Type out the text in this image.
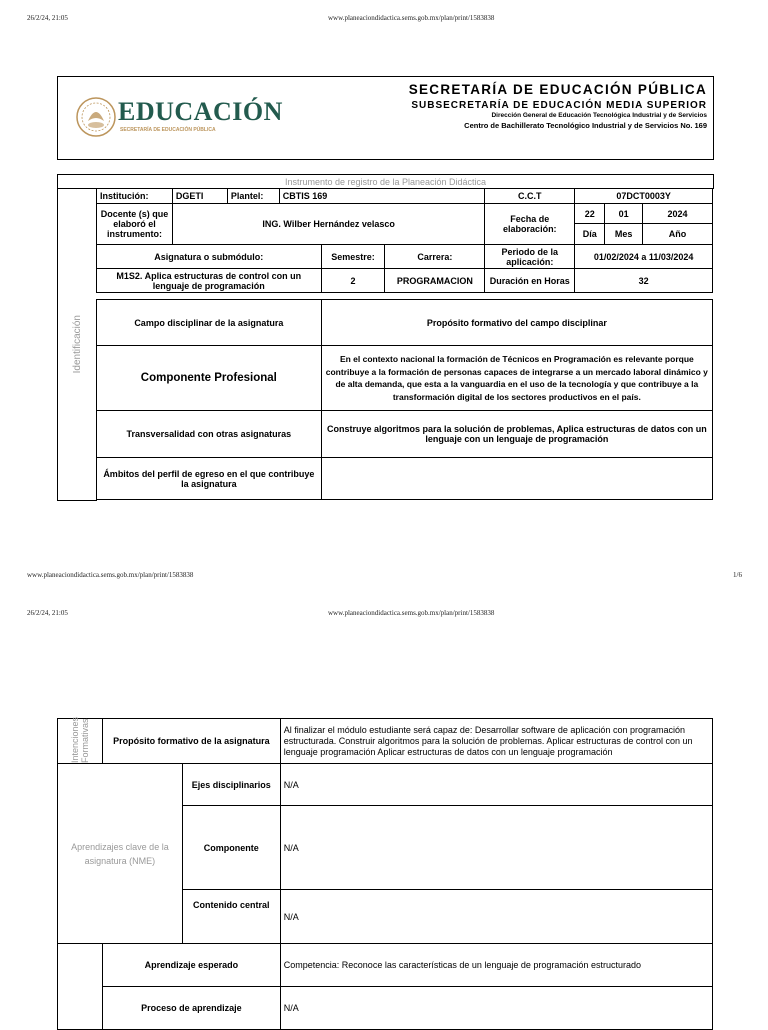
26/2/24, 21:05	www.planeaciondidactica.sems.gob.mx/plan/print/1583838
EDUCACIÓN
SECRETARÍA DE EDUCACIÓN PÚBLICA
SECRETARÍA DE EDUCACIÓN PÚBLICA
SUBSECRETARÍA DE EDUCACIÓN MEDIA SUPERIOR
Dirección General de Educación Tecnológica Industrial y de Servicios
Centro de Bachillerato Tecnológico Industrial y de Servicios No. 169
Instrumento de registro de la Planeación Didáctica
Identificación
Institución:	DGETI	Plantel:	CBTIS 169			C.C.T	07DCT0003Y		
Docente (s) que elaboró el instrumento:	ING. Wilber Hernández velasco					Fecha de elaboración:	22	01	2024
							Día	Mes	Año
Asignatura o submódulo:				Semestre:	Carrera:	Periodo de la aplicación:	01/02/2024 a 11/03/2024		
M1S2. Aplica estructuras de control con un lenguaje de programación				2	PROGRAMACION	Duración en Horas	32		
Campo disciplinar de la asignatura	Propósito formativo del campo disciplinar
Componente Profesional	En el contexto nacional la formación de Técnicos en Programación es relevante porque contribuye a la formación de personas capaces de integrarse a un mercado laboral dinámico y de alta demanda, que esta a la vanguardia en el uso de la tecnología y que contribuye a la transformación digital de los sectores productivos en el país.
Transversalidad con otras asignaturas	Construye algoritmos para la solución de problemas, Aplica estructuras de datos con un lenguaje con un lenguaje de programación
Ámbitos del perfil de egreso en el que contribuye la asignatura	
www.planeaciondidactica.sems.gob.mx/plan/print/1583838	1/6
26/2/24, 21:05	www.planeaciondidactica.sems.gob.mx/plan/print/1583838
Intenciones Formativas	Propósito formativo de la asignatura		Al finalizar el módulo estudiante será capaz de: Desarrollar software de aplicación con programación estructurada. Construir algoritmos para la solución de problemas. Aplicar estructuras de control con un lenguaje programación Aplicar estructuras de datos con un lenguaje programación
Aprendizajes clave de la asignatura (NME)		Ejes disciplinarios	N/A
		Componente	N/A
		Contenido central	N/A
	Aprendizaje esperado		Competencia: Reconoce las características de un lenguaje de programación estructurado
	Proceso de aprendizaje		N/A
